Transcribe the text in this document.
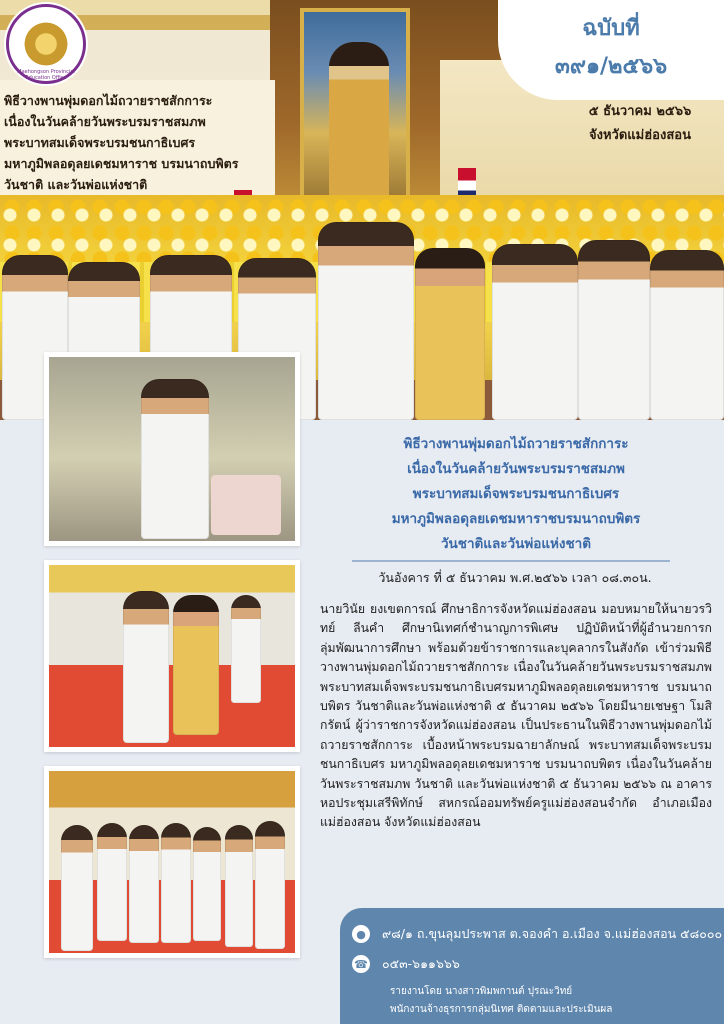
พิธีวางพานพุ่มดอกไม้ถวายราชสักการะ
เนื่องในวันคล้ายวันพระบรมราชสมภพ
พระบาทสมเด็จพระบรมชนกาธิเบศร
มหาภูมิพลอดุลยเดชมหาราช บรมนาถบพิตร
วันชาติ และวันพ่อแห่งชาติ
๕ ธันวาคม ๒๕๖๖
จังหวัดแม่ฮ่องสอน
Maehongson Provincial Education Office
ฉบับที่
๓๙๑/๒๕๖๖
พิธีวางพานพุ่มดอกไม้ถวายราชสักการะ
เนื่องในวันคล้ายวันพระบรมราชสมภพ
พระบาทสมเด็จพระบรมชนกาธิเบศร
มหาภูมิพลอดุลยเดชมหาราชบรมนาถบพิตร
วันชาติและวันพ่อแห่งชาติ
วันอังคาร ที่ ๕ ธันวาคม พ.ศ.๒๕๖๖ เวลา ๐๘.๓๐น.
นายวินัย ยงเขตการณ์ ศึกษาธิการจังหวัดแม่ฮ่องสอน มอบหมายให้นายวรวิทย์ ลีนคำ ศึกษานิเทศก์ชำนาญการพิเศษ ปฏิบัติหน้าที่ผู้อำนวยการกลุ่มพัฒนาการศึกษา พร้อมด้วยข้าราชการและบุคลากรในสังกัด เข้าร่วมพิธีวางพานพุ่มดอกไม้ถวายราชสักการะ เนื่องในวันคล้ายวันพระบรมราชสมภพ พระบาทสมเด็จพระบรมชนกาธิเบศรมหาภูมิพลอดุลยเดชมหาราช บรมนาถบพิตร วันชาติและวันพ่อแห่งชาติ ๕ ธันวาคม ๒๕๖๖ โดยมีนายเชษฐา โมสิกรัตน์ ผู้ว่าราชการจังหวัดแม่ฮ่องสอน เป็นประธานในพิธีวางพานพุ่มดอกไม้ถวายราชสักการะ เบื้องหน้าพระบรมฉายาลักษณ์ พระบาทสมเด็จพระบรมชนกาธิเบศร มหาภูมิพลอดุลยเดชมหาราช บรมนาถบพิตร เนื่องในวันคล้ายวันพระราชสมภพ วันชาติ และวันพ่อแห่งชาติ ๕ ธันวาคม ๒๕๖๖ ณ อาคารหอประชุมเสรีพิทักษ์ สหกรณ์ออมทรัพย์ครูแม่ฮ่องสอนจำกัด อำเภอเมืองแม่ฮ่องสอน จังหวัดแม่ฮ่องสอน
●	๙๘/๑ ถ.ขุนลุมประพาส ต.จองคำ อ.เมือง จ.แม่ฮ่องสอน ๕๘๐๐๐
☎ ๐๕๓-๖๑๑๖๖๖
รายงานโดย นางสาวพิมพกานต์ ปุรณะวิทย์
พนักงานจ้างธุรการกลุ่มนิเทศ ติดตามและประเมินผล
